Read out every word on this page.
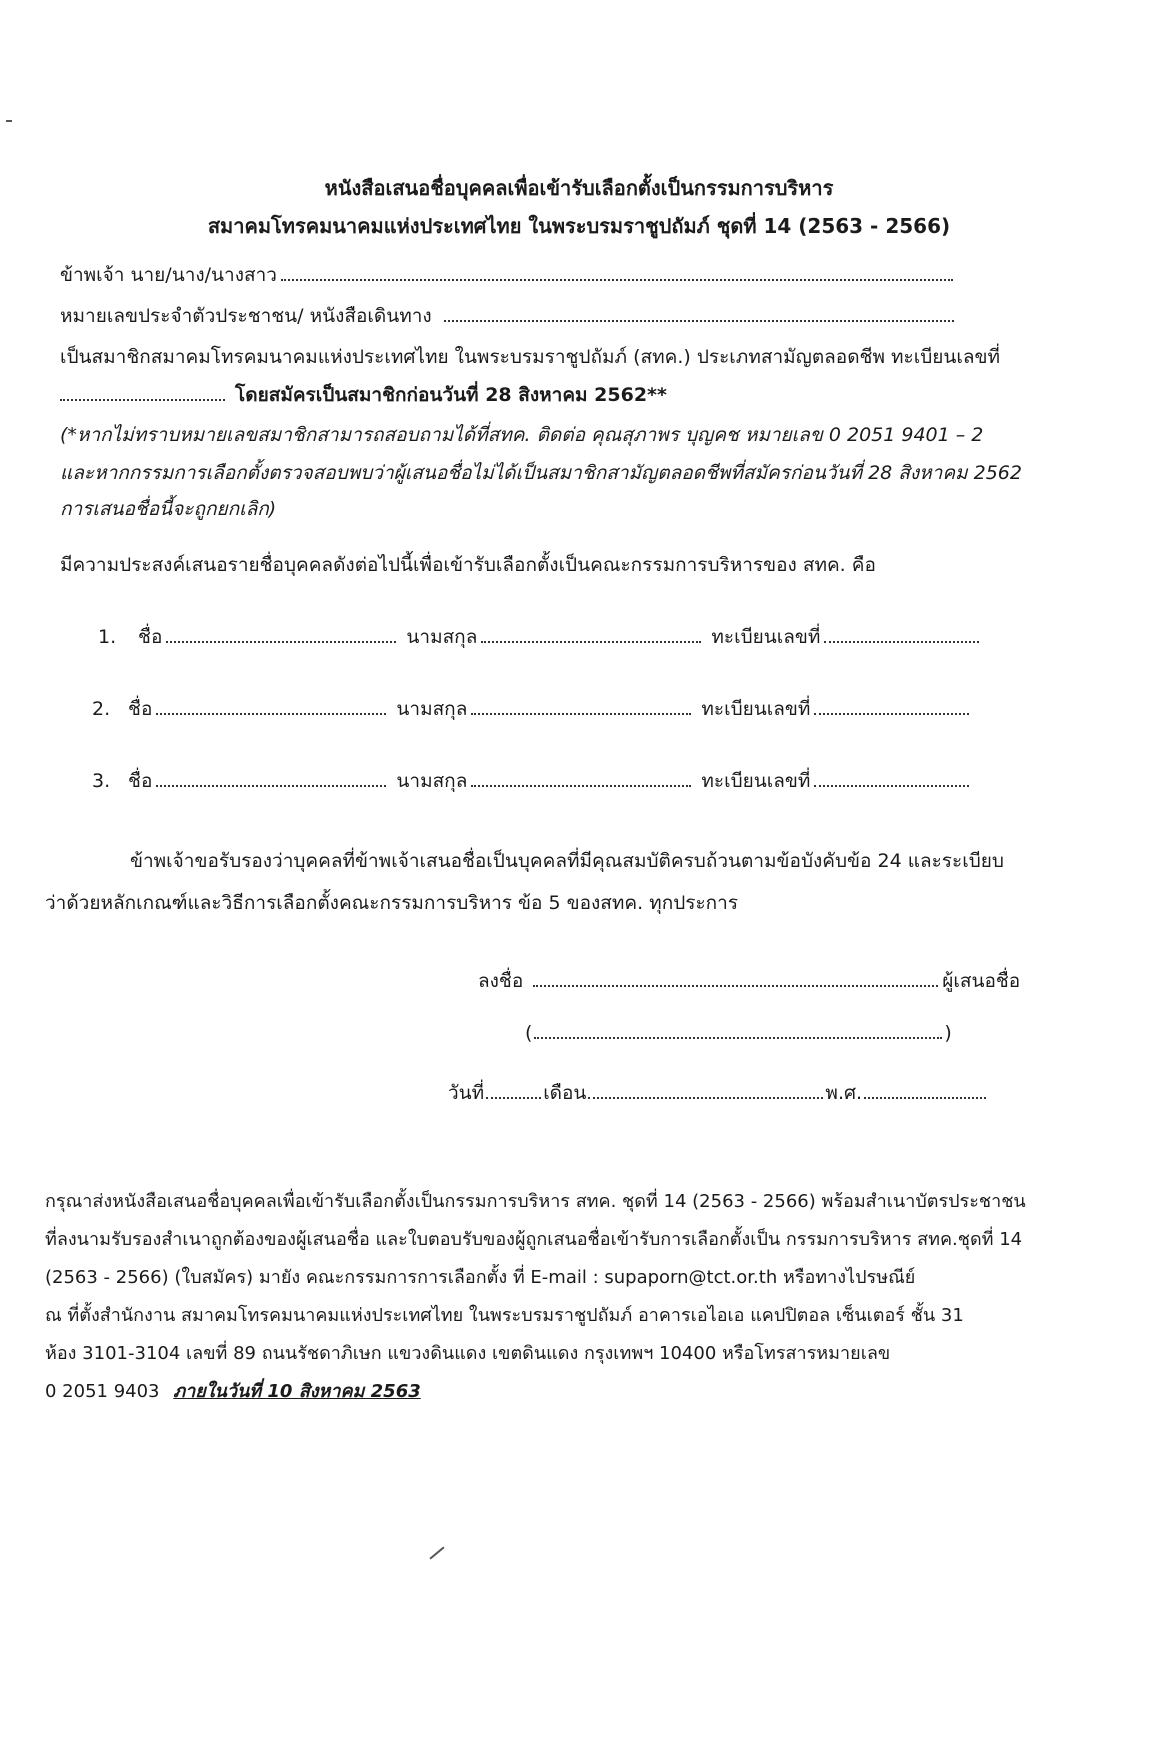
หนังสือเสนอชื่อบุคคลเพื่อเข้ารับเลือกตั้งเป็นกรรมการบริหาร
สมาคมโทรคมนาคมแห่งประเทศไทย ในพระบรมราชูปถัมภ์ ชุดที่ 14 (2563 - 2566)
ข้าพเจ้า นาย/นาง/นางสาว
หมายเลขประจำตัวประชาชน/ หนังสือเดินทาง
เป็นสมาชิกสมาคมโทรคมนาคมแห่งประเทศไทย ในพระบรมราชูปถัมภ์ (สทค.) ประเภทสามัญตลอดชีพ ทะเบียนเลขที่
โดยสมัครเป็นสมาชิกก่อนวันที่ 28 สิงหาคม 2562**
(*หากไม่ทราบหมายเลขสมาชิกสามารถสอบถามได้ที่สทค. ติดต่อ คุณสุภาพร บุญคช หมายเลข 0 2051 9401 – 2
และหากกรรมการเลือกตั้งตรวจสอบพบว่าผู้เสนอชื่อไม่ได้เป็นสมาชิกสามัญตลอดชีพที่สมัครก่อนวันที่ 28 สิงหาคม 2562
การเสนอชื่อนี้จะถูกยกเลิก)
มีความประสงค์เสนอรายชื่อบุคคลดังต่อไปนี้เพื่อเข้ารับเลือกตั้งเป็นคณะกรรมการบริหารของ สทค. คือ
1. ชื่อ	นามสกุล	ทะเบียนเลขที่
2. ชื่อ	นามสกุล	ทะเบียนเลขที่
3. ชื่อ	นามสกุล	ทะเบียนเลขที่
ข้าพเจ้าขอรับรองว่าบุคคลที่ข้าพเจ้าเสนอชื่อเป็นบุคคลที่มีคุณสมบัติครบถ้วนตามข้อบังคับข้อ 24 และระเบียบ
ว่าด้วยหลักเกณฑ์และวิธีการเลือกตั้งคณะกรรมการบริหาร ข้อ 5 ของสทค. ทุกประการ
ลงชื่อ	ผู้เสนอชื่อ
(	)
วันที่	เดือน	พ.ศ.
กรุณาส่งหนังสือเสนอชื่อบุคคลเพื่อเข้ารับเลือกตั้งเป็นกรรมการบริหาร สทค. ชุดที่ 14 (2563 - 2566) พร้อมสำเนาบัตรประชาชน
ที่ลงนามรับรองสำเนาถูกต้องของผู้เสนอชื่อ และใบตอบรับของผู้ถูกเสนอชื่อเข้ารับการเลือกตั้งเป็น กรรมการบริหาร สทค.ชุดที่ 14
(2563 - 2566) (ใบสมัคร) มายัง คณะกรรมการการเลือกตั้ง ที่ E-mail : supaporn@tct.or.th หรือทางไปรษณีย์
ณ ที่ตั้งสำนักงาน สมาคมโทรคมนาคมแห่งประเทศไทย ในพระบรมราชูปถัมภ์ อาคารเอไอเอ แคปปิตอล เซ็นเตอร์ ชั้น 31
ห้อง 3101-3104 เลขที่ 89 ถนนรัชดาภิเษก แขวงดินแดง เขตดินแดง กรุงเทพฯ 10400 หรือโทรสารหมายเลข
0 2051 9403 ภายในวันที่ 10 สิงหาคม 2563
